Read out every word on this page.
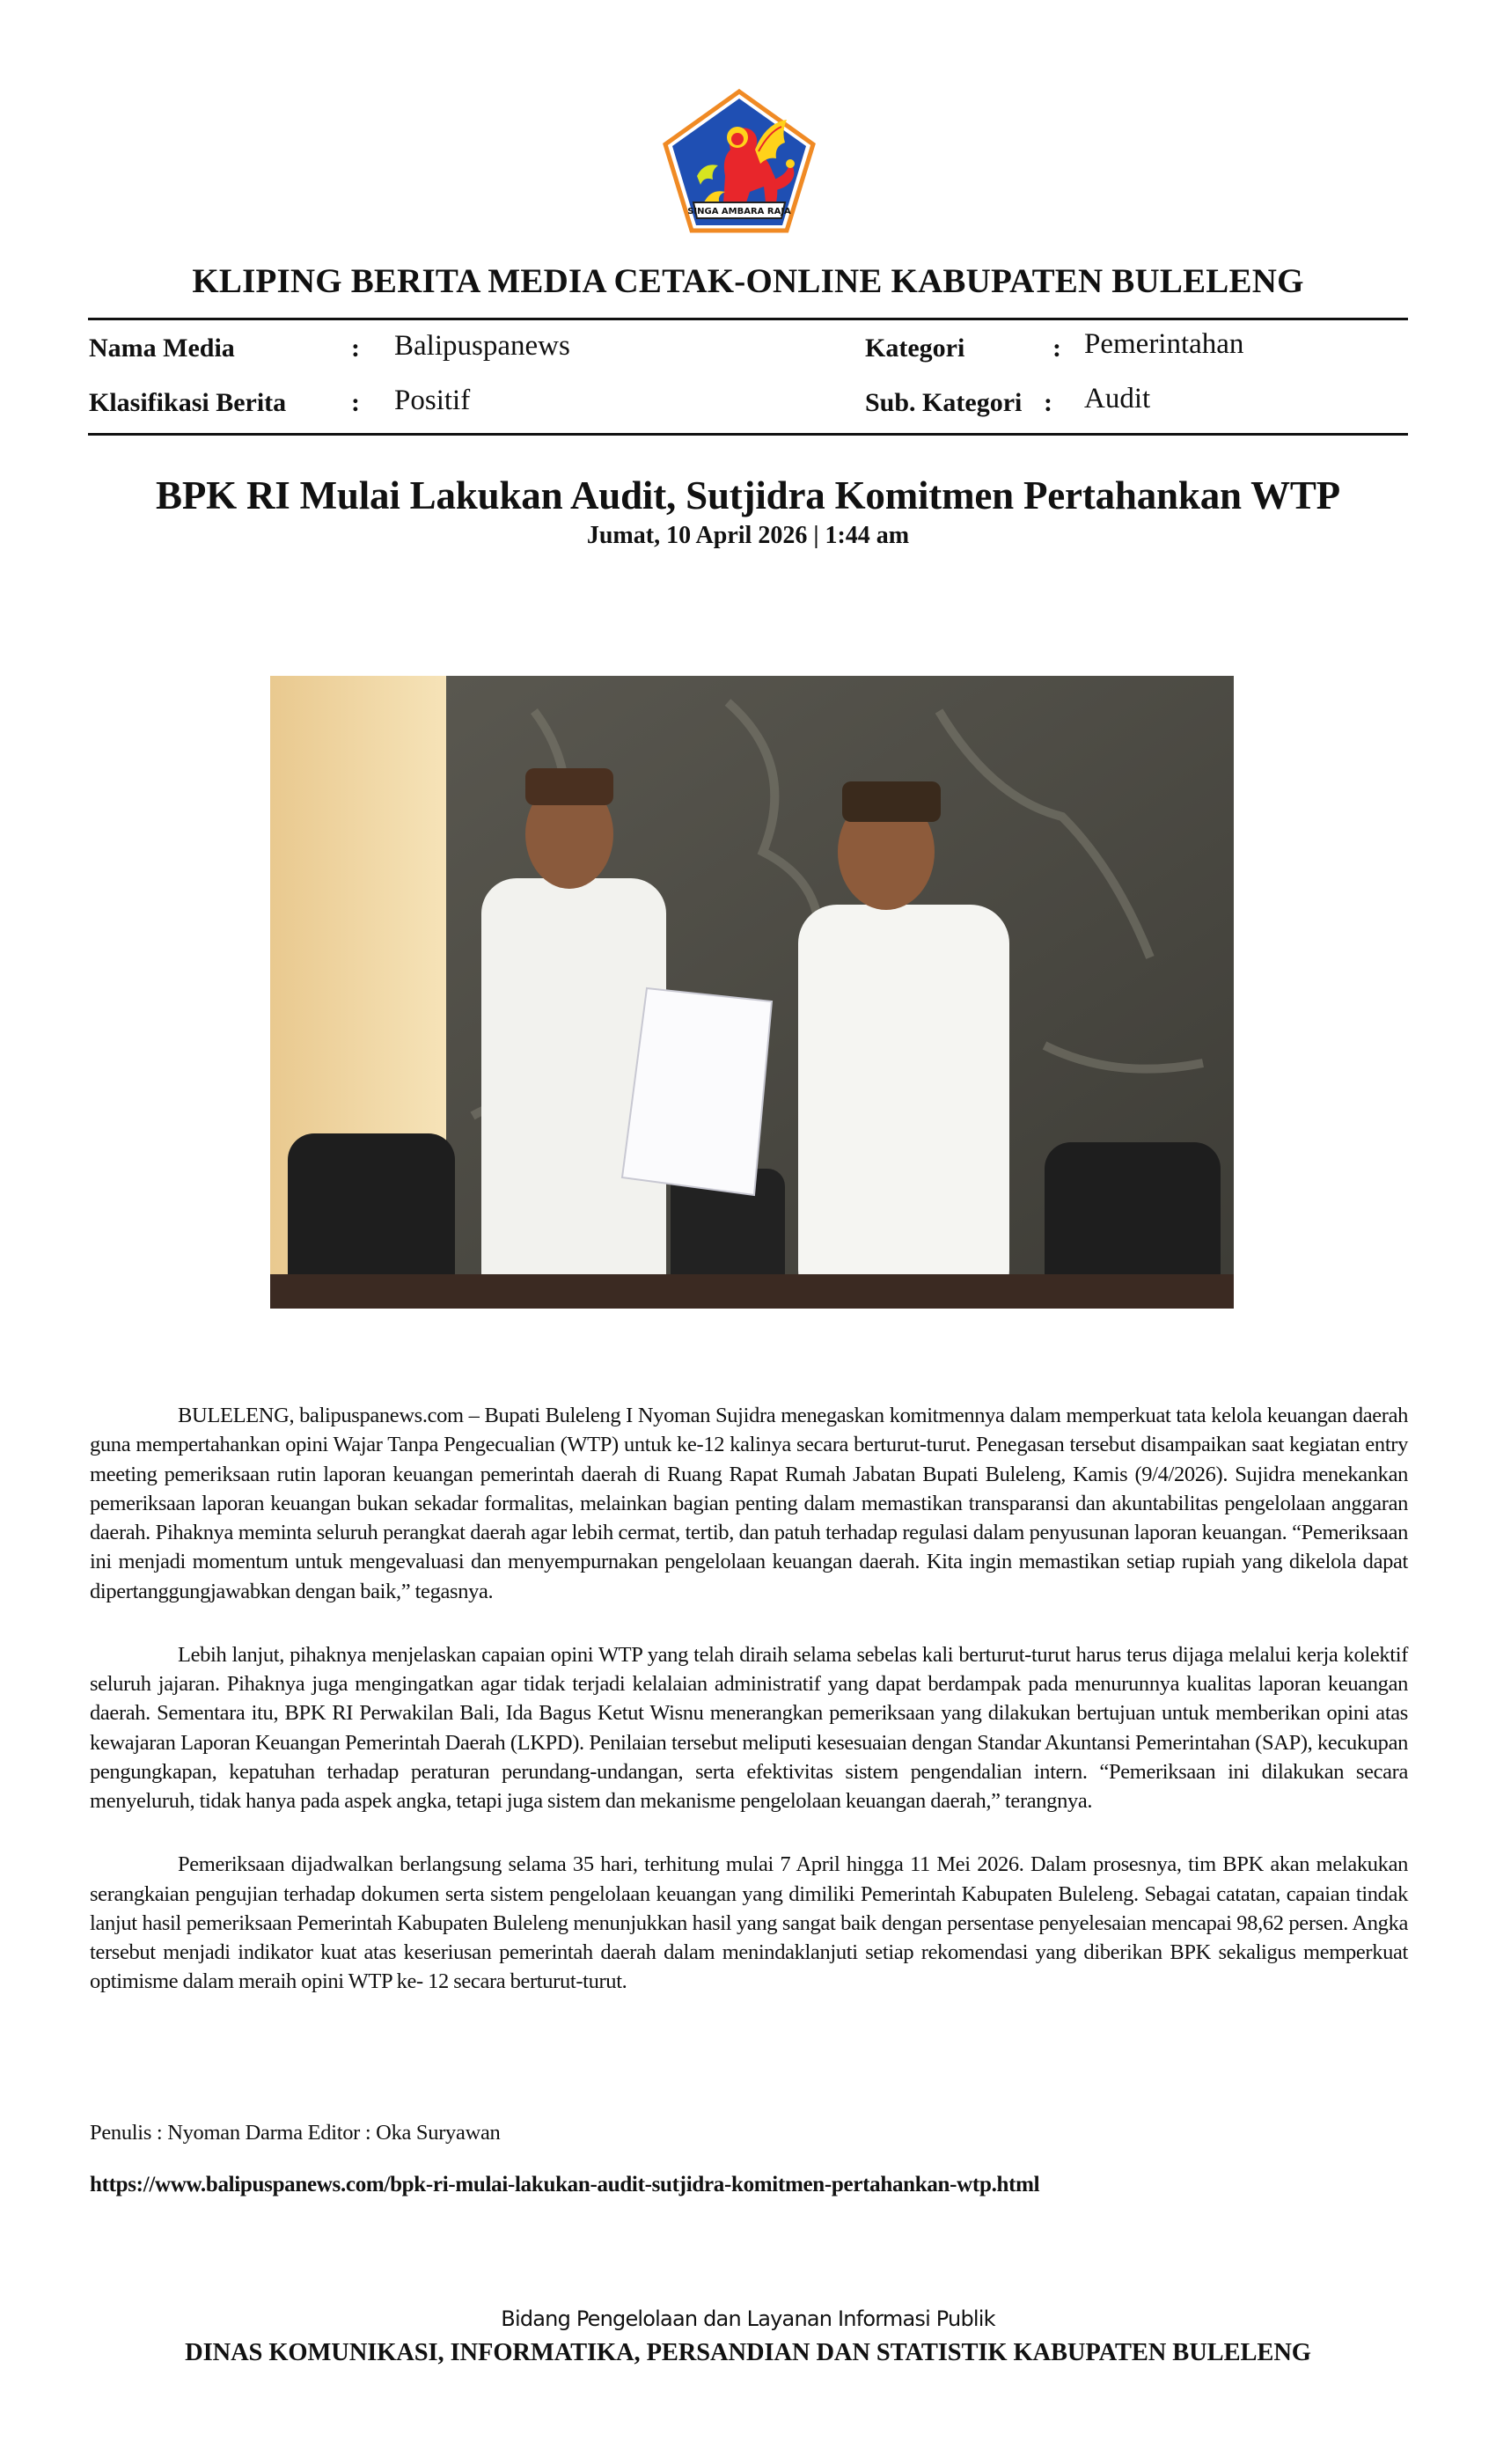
SINGA AMBARA RAJA
KLIPING BERITA MEDIA CETAK-ONLINE KABUPATEN BULELENG
Nama Media	: Balipuspanews	Kategori	: Pemerintahan
Klasifikasi Berita : Positif	Sub. Kategori : Audit
BPK RI Mulai Lakukan Audit, Sutjidra Komitmen Pertahankan WTP
Jumat, 10 April 2026 | 1:44 am

BULELENG, balipuspanews.com – Bupati Buleleng I Nyoman Sujidra menegaskan komitmennya dalam memperkuat tata kelola keuangan daerah guna mempertahankan opini Wajar Tanpa Pengecualian (WTP) untuk ke-12 kalinya secara berturut-turut. Penegasan tersebut disampaikan saat kegiatan entry meeting pemeriksaan rutin laporan keuangan pemerintah daerah di Ruang Rapat Rumah Jabatan Bupati Buleleng, Kamis (9/4/2026). Sujidra menekankan pemeriksaan laporan keuangan bukan sekadar formalitas, melainkan bagian penting dalam memastikan transparansi dan akuntabilitas pengelolaan anggaran daerah. Pihaknya meminta seluruh perangkat daerah agar lebih cermat, tertib, dan patuh terhadap regulasi dalam penyusunan laporan keuangan. “Pemeriksaan ini menjadi momentum untuk mengevaluasi dan menyempurnakan pengelolaan keuangan daerah. Kita ingin memastikan setiap rupiah yang dikelola dapat dipertanggungjawabkan dengan baik,” tegasnya.

Lebih lanjut, pihaknya menjelaskan capaian opini WTP yang telah diraih selama sebelas kali berturut-turut harus terus dijaga melalui kerja kolektif seluruh jajaran. Pihaknya juga mengingatkan agar tidak terjadi kelalaian administratif yang dapat berdampak pada menurunnya kualitas laporan keuangan daerah. Sementara itu, BPK RI Perwakilan Bali, Ida Bagus Ketut Wisnu menerangkan pemeriksaan yang dilakukan bertujuan untuk memberikan opini atas kewajaran Laporan Keuangan Pemerintah Daerah (LKPD). Penilaian tersebut meliputi kesesuaian dengan Standar Akuntansi Pemerintahan (SAP), kecukupan pengungkapan, kepatuhan terhadap peraturan perundang-undangan, serta efektivitas sistem pengendalian intern. “Pemeriksaan ini dilakukan secara menyeluruh, tidak hanya pada aspek angka, tetapi juga sistem dan mekanisme pengelolaan keuangan daerah,” terangnya.

Pemeriksaan dijadwalkan berlangsung selama 35 hari, terhitung mulai 7 April hingga 11 Mei 2026. Dalam prosesnya, tim BPK akan melakukan serangkaian pengujian terhadap dokumen serta sistem pengelolaan keuangan yang dimiliki Pemerintah Kabupaten Buleleng. Sebagai catatan, capaian tindak lanjut hasil pemeriksaan Pemerintah Kabupaten Buleleng menunjukkan hasil yang sangat baik dengan persentase penyelesaian mencapai 98,62 persen. Angka tersebut menjadi indikator kuat atas keseriusan pemerintah daerah dalam menindaklanjuti setiap rekomendasi yang diberikan BPK sekaligus memperkuat optimisme dalam meraih opini WTP ke- 12 secara berturut-turut.

Penulis : Nyoman Darma Editor : Oka Suryawan
https://www.balipuspanews.com/bpk-ri-mulai-lakukan-audit-sutjidra-komitmen-pertahankan-wtp.html
Bidang Pengelolaan dan Layanan Informasi Publik
DINAS KOMUNIKASI, INFORMATIKA, PERSANDIAN DAN STATISTIK KABUPATEN BULELENG
